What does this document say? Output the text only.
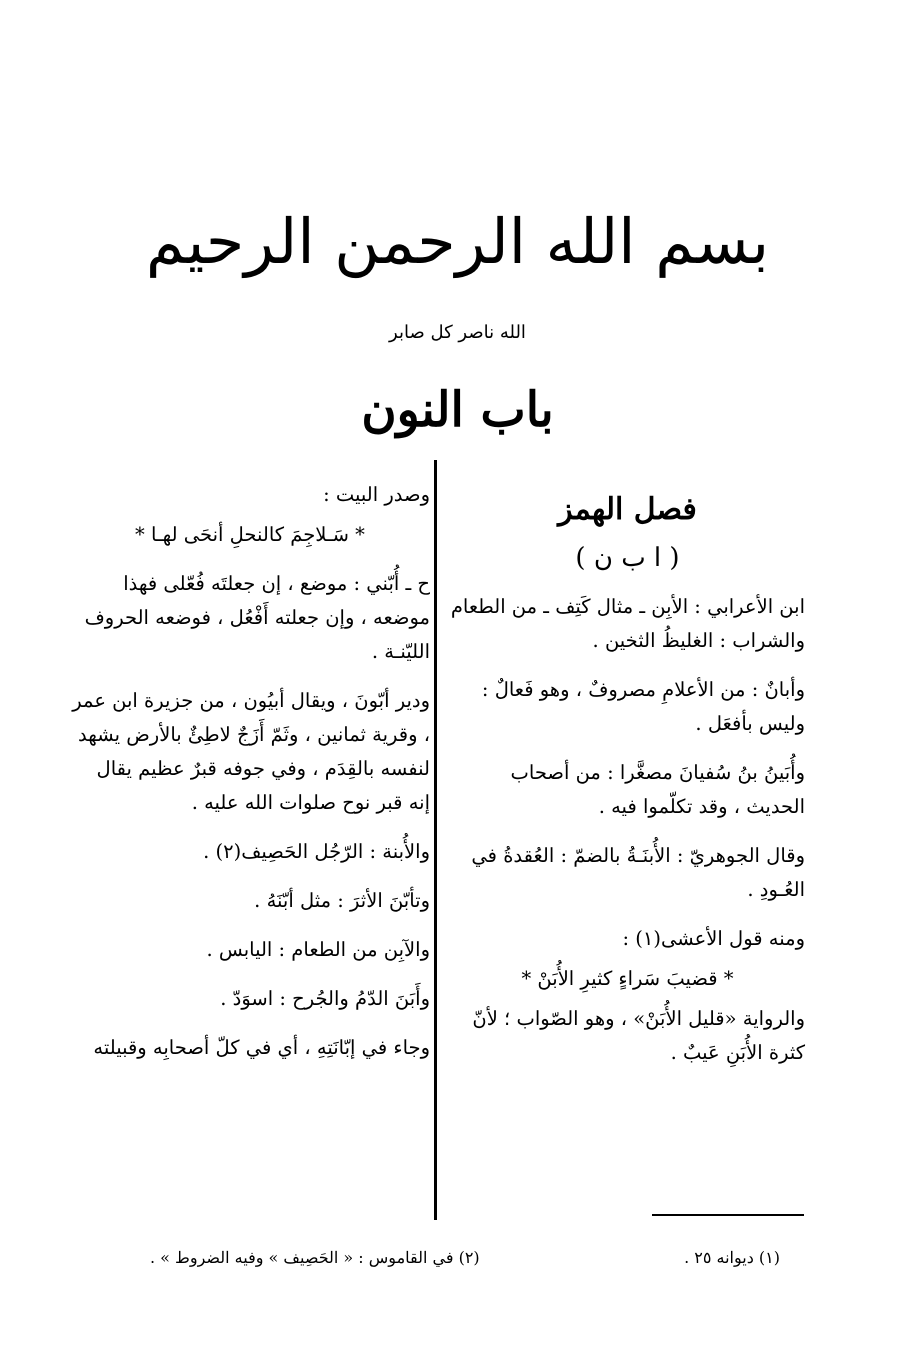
بسم الله الرحمن الرحيم
الله ناصر كل صابر
باب النون
فصل الهمز
( ا ب ن )

ابن الأعرابي : الأبِن ـ مثال كَتِف ـ من الطعام والشراب : الغليظُ الثخين .

وأبانٌ : من الأعلامِ مصروفٌ ، وهو فَعالٌ : وليس بأفعَل .

وأُبَينُ بنُ سُفيانَ مصغَّرا : من أصحاب الحديث ، وقد تكلّموا فيه .

وقال الجوهريّ : الأُبنَـةُ بالضمّ : العُقدةُ في العُـودِ .

ومنه قول الأعشى(١) :

* قضيبَ سَراءٍ كثيرِ الأُبَنْ *

والرواية «قليل الأُبَنْ» ، وهو الصّواب ؛ لأنّ كثرة الأُبَنِ عَيبٌ .

وصدر البيت :

* سَـلاجِمَ كالنحلِ أنحَى لهـا *

ح ـ أُبّني : موضع ، إن جعلتَه فُعّلى فهذا موضعه ، وإن جعلته أَفْعُل ، فوضعه الحروف الليّنـة .

ودير أبّونَ ، ويقال أبيُون ، من جزيرة ابن عمر ، وقرية ثمانين ، وثَمّ أَزَجٌ لاطِئٌ بالأرض يشهد لنفسه بالقِدَم ، وفي جوفه قبرٌ عظيم يقال إنه قبر نوح صلوات الله عليه .

والأُبنة : الرّجُل الحَصِيف(٢) .

وتأبّنَ الأثرَ : مثل أبّنَهُ .

والآبِن من الطعام : اليابس .

وأَبَنَ الدّمُ والجُرح : اسوَدّ .

وجاء في إبّانَتِهِ ، أي في كلّ أصحابِه وقبيلته

(١) ديوانه ٢٥ .
(٢) في القاموس : « الحَصِيف » وفيه الضروط » .
